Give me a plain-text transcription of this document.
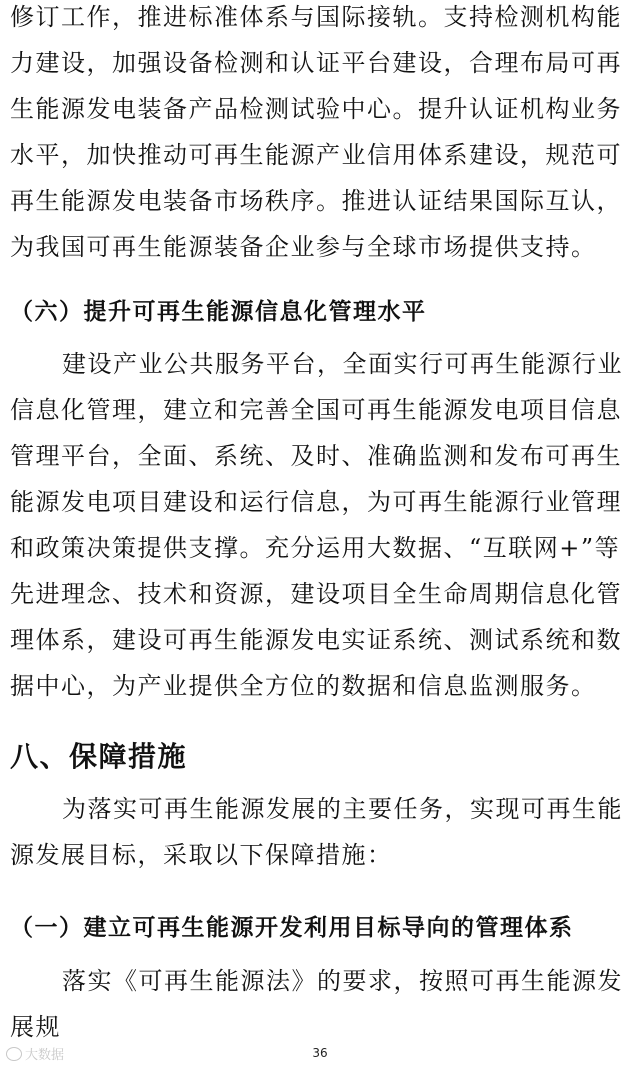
修订工作，推进标准体系与国际接轨。支持检测机构能力建设，加强设备检测和认证平台建设，合理布局可再生能源发电装备产品检测试验中心。提升认证机构业务水平，加快推动可再生能源产业信用体系建设，规范可再生能源发电装备市场秩序。推进认证结果国际互认，为我国可再生能源装备企业参与全球市场提供支持。

（六）提升可再生能源信息化管理水平

建设产业公共服务平台，全面实行可再生能源行业信息化管理，建立和完善全国可再生能源发电项目信息管理平台，全面、系统、及时、准确监测和发布可再生能源发电项目建设和运行信息，为可再生能源行业管理和政策决策提供支撑。充分运用大数据、“互联网+”等先进理念、技术和资源，建设项目全生命周期信息化管理体系，建设可再生能源发电实证系统、测试系统和数据中心，为产业提供全方位的数据和信息监测服务。

八、保障措施

为落实可再生能源发展的主要任务，实现可再生能源发展目标，采取以下保障措施：

（一）建立可再生能源开发利用目标导向的管理体系

落实《可再生能源法》的要求，按照可再生能源发展规

大数据	36
